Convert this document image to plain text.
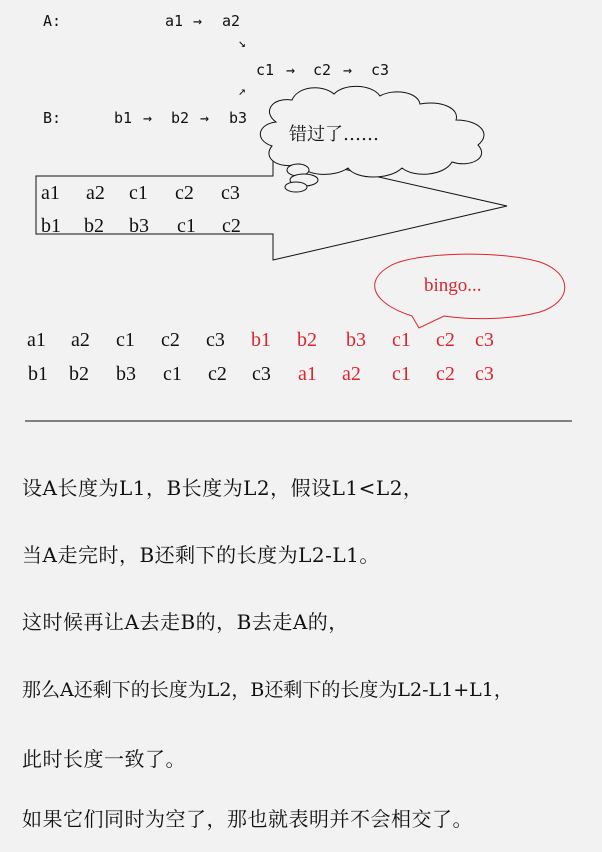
A:	a1 → a2
↘
c1 → c2 → c3
↗
B:	b1 → b2 → b3
错过了……
a1 a2 c1 c2 c3
b1 b2 b3 c1 c2
bingo...
a1 a2 c1 c2 c3 b1 b2 b3 c1 c2 c3
b1 b2 b3 c1 c2 c3 a1 a2 c1 c2 c3
设A长度为L1，B长度为L2，假设L1<L2，
当A走完时，B还剩下的长度为L2-L1。
这时候再让A去走B的，B去走A的，
那么A还剩下的长度为L2，B还剩下的长度为L2-L1+L1，
此时长度一致了。
如果它们同时为空了，那也就表明并不会相交了。
